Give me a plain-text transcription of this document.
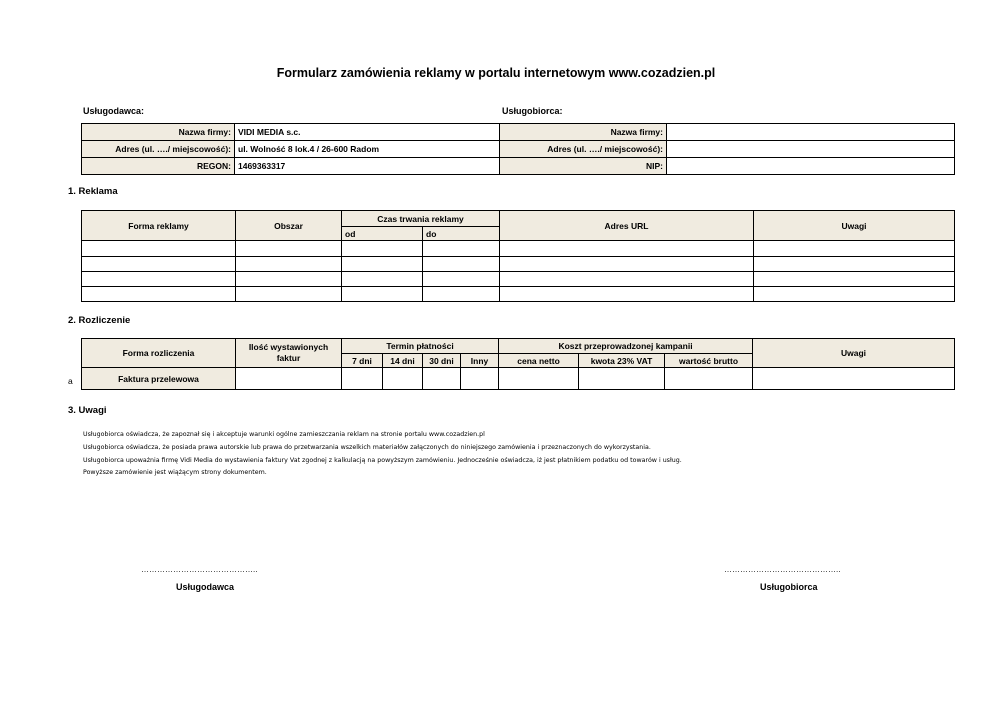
Formularz zamówienia reklamy w portalu internetowym www.cozadzien.pl
Usługodawca:	Usługobiorca:
Nazwa firmy:	VIDI MEDIA s.c.	Nazwa firmy:	
Adres (ul. …./ miejscowość):	ul. Wolność 8 lok.4 / 26-600 Radom	Adres (ul. …./ miejscowość):	
REGON:	1469363317	NIP:	
1. Reklama
Forma reklamy	Obszar	Czas trwania reklamy		Adres URL	Uwagi
		od	do		

2. Rozliczenie
Forma rozliczenia	Ilość wystawionych faktur	Termin płatności				Koszt przeprowadzonej kampanii			Uwagi
		7 dni	14 dni	30 dni	Inny	cena netto	kwota 23% VAT	wartość brutto	
Faktura przelewowa									
a
3. Uwagi
Usługobiorca oświadcza, że zapoznał się i akceptuje warunki ogólne zamieszczania reklam na stronie portalu www.cozadzien.pl
Usługobiorca oświadcza, że posiada prawa autorskie lub prawa do przetwarzania wszelkich materiałów załączonych do niniejszego zamówienia i przeznaczonych do wykorzystania.
Usługobiorca upoważnia firmę Vidi Media do wystawienia faktury Vat zgodnej z kalkulacją na powyższym zamówieniu. Jednocześnie oświadcza, iż jest płatnikiem podatku od towarów i usług.
Powyższe zamówienie jest wiążącym strony dokumentem.
……………………………………..
Usługodawca
……………………………………..
Usługobiorca
